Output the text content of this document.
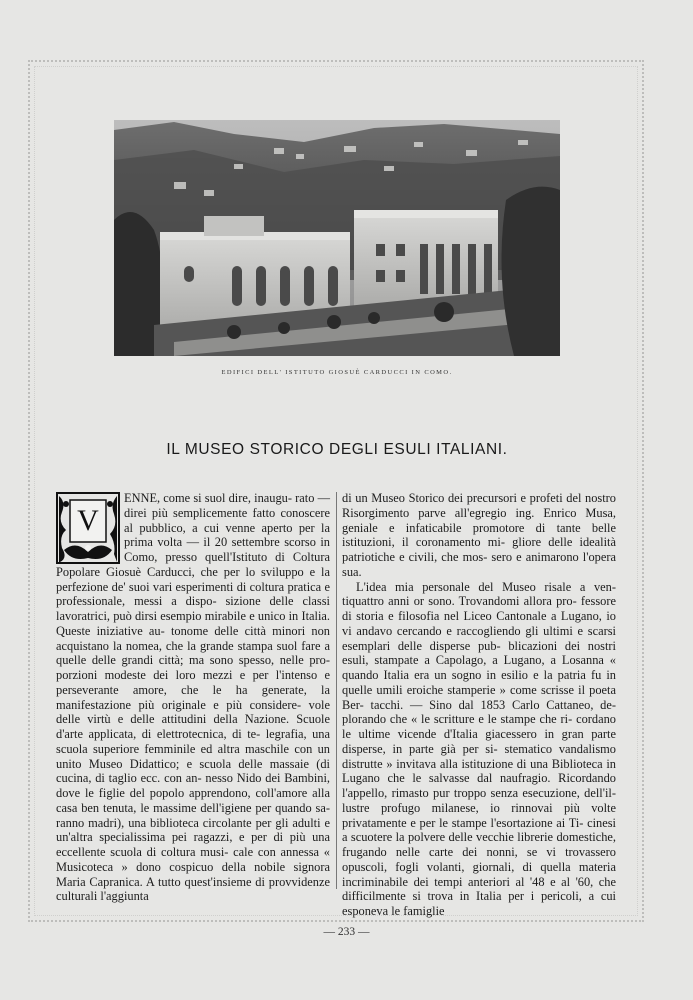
EDIFICI DELL' ISTITUTO GIOSUÈ CARDUCCI IN COMO.
IL MUSEO STORICO DEGLI ESULI ITALIANI.
V

ENNE, come si suol dire, inaugu- rato — direi più semplicemente fatto conoscere al pubblico, a cui venne aperto per la prima volta — il 20 settembre scorso in Como, presso quell'Istituto di Coltura Popolare Giosuè Carducci, che per lo sviluppo e la perfezione de' suoi vari esperimenti di coltura pratica e professionale, messi a dispo- sizione delle classi lavoratrici, può dirsi esempio mirabile e unico in Italia. Queste iniziative au- tonome delle città minori non acquistano la nomea, che la grande stampa suol fare a quelle delle grandi città; ma sono spesso, nelle pro- porzioni modeste dei loro mezzi e per l'intenso e perseverante amore, che le ha generate, la manifestazione più originale e più considere- vole delle virtù e delle attitudini della Nazione. Scuole d'arte applicata, di elettrotecnica, di te- legrafia, una scuola superiore femminile ed altra maschile con un unito Museo Didattico; e scuola delle massaie (di cucina, di taglio ecc. con an- nesso Nido dei Bambini, dove le figlie del popolo apprendono, coll'amore alla casa ben tenuta, le massime dell'igiene per quando sa- ranno madri), una biblioteca circolante per gli adulti e un'altra specialissima pei ragazzi, e per di più una eccellente scuola di coltura musi- cale con annessa « Musicoteca » dono cospicuo della nobile signora Maria Capranica. A tutto quest'insieme di provvidenze culturali l'aggiunta

di un Museo Storico dei precursori e profeti del nostro Risorgimento parve all'egregio ing. Enrico Musa, geniale e infaticabile promotore di tante belle istituzioni, il coronamento mi- gliore delle idealità patriotiche e civili, che mos- sero e animarono l'opera sua.

L'idea mia personale del Museo risale a ven- tiquattro anni or sono. Trovandomi allora pro- fessore di storia e filosofia nel Liceo Cantonale a Lugano, io vi andavo cercando e raccogliendo gli ultimi e scarsi esemplari delle disperse pub- blicazioni dei nostri esuli, stampate a Capolago, a Lugano, a Losanna « quando Italia era un sogno in esilio e la patria fu in quelle umili eroiche stamperie » come scrisse il poeta Ber- tacchi. — Sino dal 1853 Carlo Cattaneo, de- plorando che « le scritture e le stampe che ri- cordano le ultime vicende d'Italia giacessero in gran parte disperse, in parte già per si- stematico vandalismo distrutte » invitava alla istituzione di una Biblioteca in Lugano che le salvasse dal naufragio. Ricordando l'appello, rimasto pur troppo senza esecuzione, dell'il- lustre profugo milanese, io rinnovai più volte privatamente e per le stampe l'esortazione ai Ti- cinesi a scuotere la polvere delle vecchie librerie domestiche, frugando nelle carte dei nonni, se vi trovassero opuscoli, fogli volanti, giornali, di quella materia incriminabile dei tempi anteriori al '48 e al '60, che difficilmente si trova in Italia per i pericoli, a cui esponeva le famiglie

— 233 —
